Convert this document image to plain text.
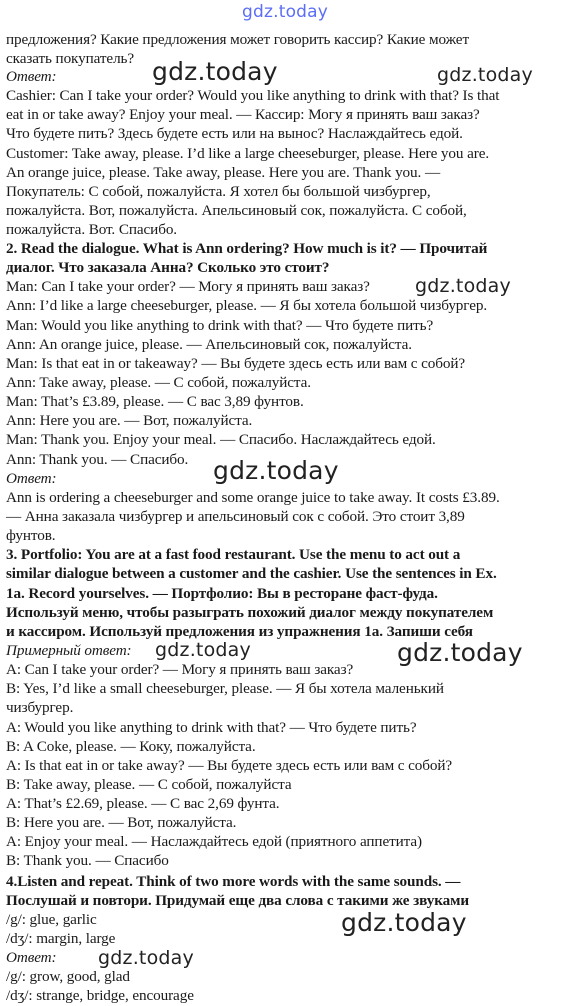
предложения? Какие предложения может говорить кассир? Какие может
сказать покупатель?
Ответ:
Cashier: Can I take your order? Would you like anything to drink with that? Is that
eat in or take away? Enjoy your meal. — Кассир: Могу я принять ваш заказ?
Что будете пить? Здесь будете есть или на вынос? Наслаждайтесь едой.
Customer: Take away, please. I’d like a large cheeseburger, please. Here you are.
An orange juice, please. Take away, please. Here you are. Thank you. —
Покупатель: С собой, пожалуйста. Я хотел бы большой чизбургер,
пожалуйста. Вот, пожалуйста. Апельсиновый сок, пожалуйста. С собой,
пожалуйста. Вот. Спасибо.
2. Read the dialogue. What is Ann ordering? How much is it? — Прочитай
диалог. Что заказала Анна? Сколько это стоит?
Man: Can I take your order? — Могу я принять ваш заказ?
Ann: I’d like a large cheeseburger, please. — Я бы хотела большой чизбургер.
Man: Would you like anything to drink with that? — Что будете пить?
Ann: An orange juice, please. — Апельсиновый сок, пожалуйста.
Man: Is that eat in or takeaway? — Вы будете здесь есть или вам с собой?
Ann: Take away, please. — С собой, пожалуйста.
Man: That’s £3.89, please. — С вас 3,89 фунтов.
Ann: Here you are. — Вот, пожалуйста.
Man: Thank you. Enjoy your meal. — Спасибо. Наслаждайтесь едой.
Ann: Thank you. — Спасибо.
Ответ:
Ann is ordering a cheeseburger and some orange juice to take away. It costs £3.89.
— Анна заказала чизбургер и апельсиновый сок с собой. Это стоит 3,89
фунтов.
3. Portfolio: You are at a fast food restaurant. Use the menu to act out a
similar dialogue between a customer and the cashier. Use the sentences in Ex.
1a. Record yourselves. — Портфолио: Вы в ресторане фаст-фуда.
Используй меню, чтобы разыграть похожий диалог между покупателем
и кассиром. Используй предложения из упражнения 1а. Запиши себя
Примерный ответ:
A: Can I take your order? — Могу я принять ваш заказ?
B: Yes, I’d like a small cheeseburger, please. — Я бы хотела маленький
чизбургер.
A: Would you like anything to drink with that? — Что будете пить?
B: A Coke, please. — Коку, пожалуйста.
A: Is that eat in or take away? — Вы будете здесь есть или вам с собой?
B: Take away, please. — С собой, пожалуйста
A: That’s £2.69, please. — С вас 2,69 фунта.
B: Here you are. — Вот, пожалуйста.
A: Enjoy your meal. — Наслаждайтесь едой (приятного аппетита)
B: Thank you. — Спасибо
4.Listen and repeat. Think of two more words with the same sounds. —
Послушай и повтори. Придумай еще два слова с такими же звуками
/g/: glue, garlic
/dʒ/: margin, large
Ответ:
/g/: grow, good, glad
/dʒ/: strange, bridge, encourage
gdz.today
gdz.today	gdz.today
gdz.today
gdz.today
gdz.today	gdz.today
gdz.today
gdz.today
